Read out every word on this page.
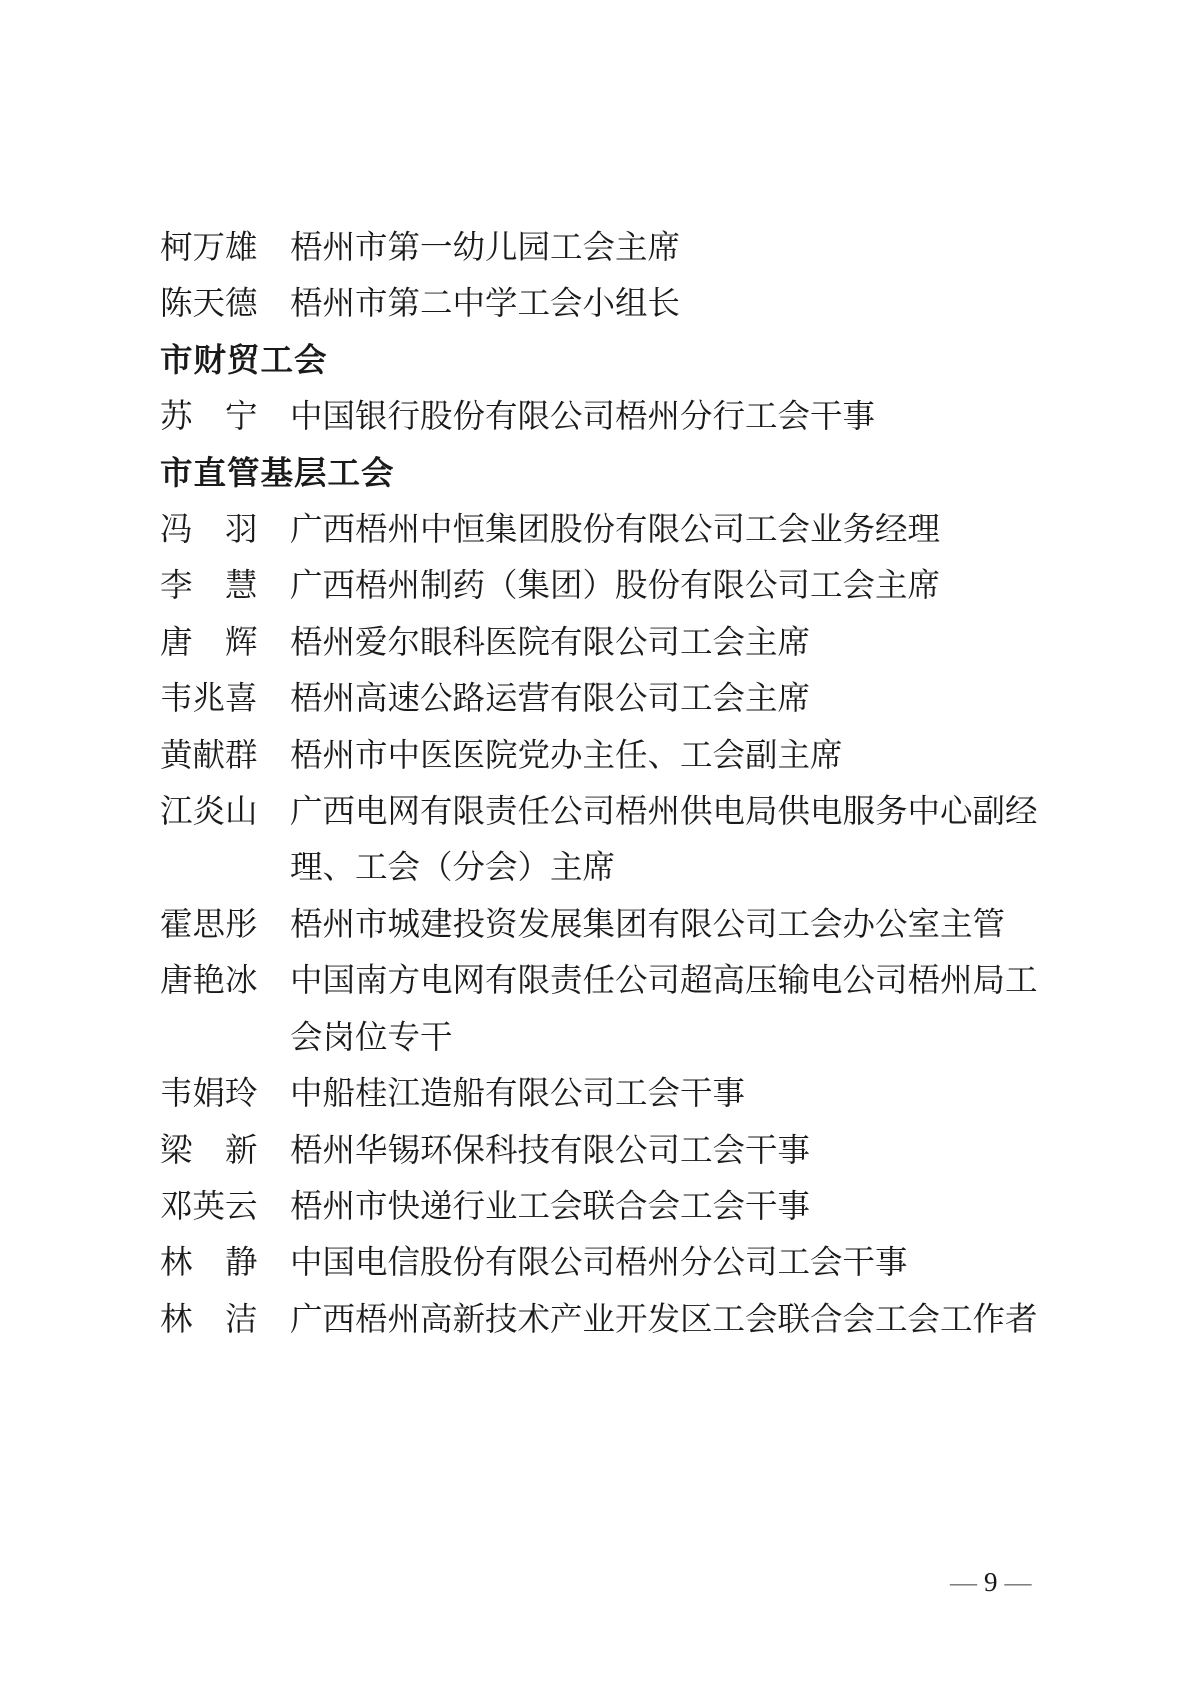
柯万雄 梧州市第一幼儿园工会主席
陈天德 梧州市第二中学工会小组长
市财贸工会
苏　宁 中国银行股份有限公司梧州分行工会干事
市直管基层工会
冯　羽 广西梧州中恒集团股份有限公司工会业务经理
李　慧 广西梧州制药（集团）股份有限公司工会主席
唐　辉 梧州爱尔眼科医院有限公司工会主席
韦兆喜 梧州高速公路运营有限公司工会主席
黄献群 梧州市中医医院党办主任、工会副主席
江炎山 广西电网有限责任公司梧州供电局供电服务中心副经
理、工会（分会）主席
霍思彤 梧州市城建投资发展集团有限公司工会办公室主管
唐艳冰 中国南方电网有限责任公司超高压输电公司梧州局工
会岗位专干
韦娟玲 中船桂江造船有限公司工会干事
梁　新 梧州华锡环保科技有限公司工会干事
邓英云 梧州市快递行业工会联合会工会干事
林　静 中国电信股份有限公司梧州分公司工会干事
林　洁 广西梧州高新技术产业开发区工会联合会工会工作者
— 9 —
